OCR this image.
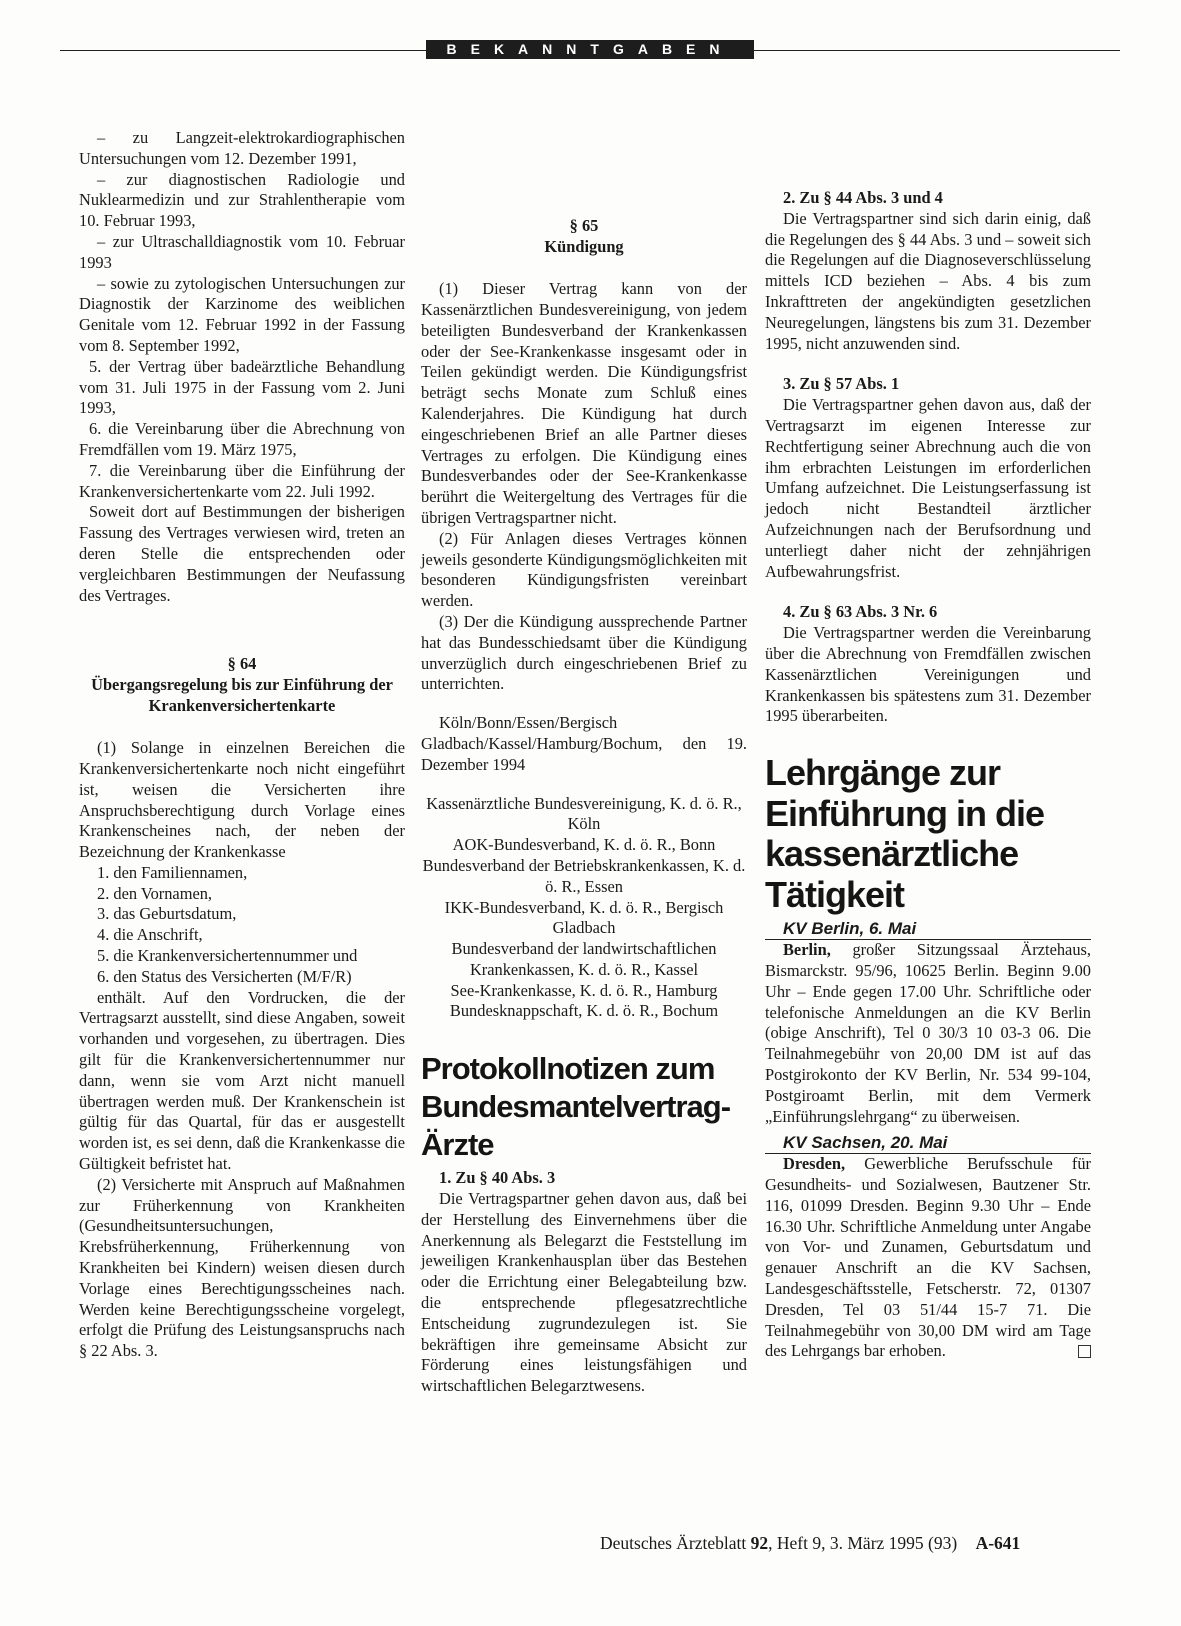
BEKANNTGABEN

– zu Langzeit-elektrokardiographischen Untersuchungen vom 12. Dezember 1991,

– zur diagnostischen Radiologie und Nuklearmedizin und zur Strahlentherapie vom 10. Februar 1993,

– zur Ultraschalldiagnostik vom 10. Februar 1993

– sowie zu zytologischen Untersuchungen zur Diagnostik der Karzinome des weiblichen Genitale vom 12. Februar 1992 in der Fassung vom 8. September 1992,

5. der Vertrag über badeärztliche Behandlung vom 31. Juli 1975 in der Fassung vom 2. Juni 1993,

6. die Vereinbarung über die Abrechnung von Fremdfällen vom 19. März 1975,

7. die Vereinbarung über die Einführung der Krankenversichertenkarte vom 22. Juli 1992.

Soweit dort auf Bestimmungen der bisherigen Fassung des Vertrages verwiesen wird, treten an deren Stelle die entsprechenden oder vergleichbaren Bestimmungen der Neufassung des Vertrages.

§ 64

Übergangsregelung bis zur Einführung der Krankenversichertenkarte

(1) Solange in einzelnen Bereichen die Krankenversichertenkarte noch nicht eingeführt ist, weisen die Versicherten ihre Anspruchsberechtigung durch Vorlage eines Krankenscheines nach, der neben der Bezeichnung der Krankenkasse

1. den Familiennamen,

2. den Vornamen,

3. das Geburtsdatum,

4. die Anschrift,

5. die Krankenversichertennummer und

6. den Status des Versicherten (M/F/R)

enthält. Auf den Vordrucken, die der Vertragsarzt ausstellt, sind diese Angaben, soweit vorhanden und vorgesehen, zu übertragen. Dies gilt für die Krankenversichertennummer nur dann, wenn sie vom Arzt nicht manuell übertragen werden muß. Der Krankenschein ist gültig für das Quartal, für das er ausgestellt worden ist, es sei denn, daß die Krankenkasse die Gültigkeit befristet hat.

(2) Versicherte mit Anspruch auf Maßnahmen zur Früherkennung von Krankheiten (Gesundheitsuntersuchungen, Krebsfrüherkennung, Früherkennung von Krankheiten bei Kindern) weisen diesen durch Vorlage eines Berechtigungsscheines nach. Werden keine Berechtigungsscheine vorgelegt, erfolgt die Prüfung des Leistungsanspruchs nach § 22 Abs. 3.

§ 65

Kündigung

(1) Dieser Vertrag kann von der Kassenärztlichen Bundesvereinigung, von jedem beteiligten Bundesverband der Krankenkassen oder der See-Krankenkasse insgesamt oder in Teilen gekündigt werden. Die Kündigungsfrist beträgt sechs Monate zum Schluß eines Kalenderjahres. Die Kündigung hat durch eingeschriebenen Brief an alle Partner dieses Vertrages zu erfolgen. Die Kündigung eines Bundesverbandes oder der See-Krankenkasse berührt die Weitergeltung des Vertrages für die übrigen Vertragspartner nicht.

(2) Für Anlagen dieses Vertrages können jeweils gesonderte Kündigungsmöglichkeiten mit besonderen Kündigungsfristen vereinbart werden.

(3) Der die Kündigung aussprechende Partner hat das Bundesschiedsamt über die Kündigung unverzüglich durch eingeschriebenen Brief zu unterrichten.

Köln/Bonn/Essen/Bergisch Gladbach/Kassel/Hamburg/Bochum, den 19. Dezember 1994

Kassenärztliche Bundesvereinigung, K. d. ö. R., Köln

AOK-Bundesverband, K. d. ö. R., Bonn

Bundesverband der Betriebskrankenkassen, K. d. ö. R., Essen

IKK-Bundesverband, K. d. ö. R., Bergisch Gladbach

Bundesverband der landwirtschaftlichen Krankenkassen, K. d. ö. R., Kassel

See-Krankenkasse, K. d. ö. R., Hamburg

Bundesknappschaft, K. d. ö. R., Bochum

Protokollnotizen zum Bundesmantelvertrag-Ärzte

1. Zu § 40 Abs. 3

Die Vertragspartner gehen davon aus, daß bei der Herstellung des Einvernehmens über die Anerkennung als Belegarzt die Feststellung im jeweiligen Krankenhausplan über das Bestehen oder die Errichtung einer Belegabteilung bzw. die entsprechende pflegesatzrechtliche Entscheidung zugrundezulegen ist. Sie bekräftigen ihre gemeinsame Absicht zur Förderung eines leistungsfähigen und wirtschaftlichen Belegarztwesens.

2. Zu § 44 Abs. 3 und 4

Die Vertragspartner sind sich darin einig, daß die Regelungen des § 44 Abs. 3 und – soweit sich die Regelungen auf die Diagnoseverschlüsselung mittels ICD beziehen – Abs. 4 bis zum Inkrafttreten der angekündigten gesetzlichen Neuregelungen, längstens bis zum 31. Dezember 1995, nicht anzuwenden sind.

3. Zu § 57 Abs. 1

Die Vertragspartner gehen davon aus, daß der Vertragsarzt im eigenen Interesse zur Rechtfertigung seiner Abrechnung auch die von ihm erbrachten Leistungen im erforderlichen Umfang aufzeichnet. Die Leistungserfassung ist jedoch nicht Bestandteil ärztlicher Aufzeichnungen nach der Berufsordnung und unterliegt daher nicht der zehnjährigen Aufbewahrungsfrist.

4. Zu § 63 Abs. 3 Nr. 6

Die Vertragspartner werden die Vereinbarung über die Abrechnung von Fremdfällen zwischen Kassenärztlichen Vereinigungen und Krankenkassen bis spätestens zum 31. Dezember 1995 überarbeiten.

Lehrgänge zur Einführung in die kassenärztliche Tätigkeit

KV Berlin, 6. Mai

Berlin, großer Sitzungssaal Ärztehaus, Bismarckstr. 95/96, 10625 Berlin. Beginn 9.00 Uhr – Ende gegen 17.00 Uhr. Schriftliche oder telefonische Anmeldungen an die KV Berlin (obige Anschrift), Tel 0 30/3 10 03-3 06. Die Teilnahmegebühr von 20,00 DM ist auf das Postgirokonto der KV Berlin, Nr. 534 99-104, Postgiroamt Berlin, mit dem Vermerk „Einführungslehrgang“ zu überweisen.

KV Sachsen, 20. Mai

Dresden, Gewerbliche Berufsschule für Gesundheits- und Sozialwesen, Bautzener Str. 116, 01099 Dresden. Beginn 9.30 Uhr – Ende 16.30 Uhr. Schriftliche Anmeldung unter Angabe von Vor- und Zunamen, Geburtsdatum und genauer Anschrift an die KV Sachsen, Landesgeschäftsstelle, Fetscherstr. 72, 01307 Dresden, Tel 03 51/44 15-7 71. Die Teilnahmegebühr von 30,00 DM wird am Tage des Lehrgangs bar erhoben.

Deutsches Ärzteblatt 92, Heft 9, 3. März 1995 (93) A-641
